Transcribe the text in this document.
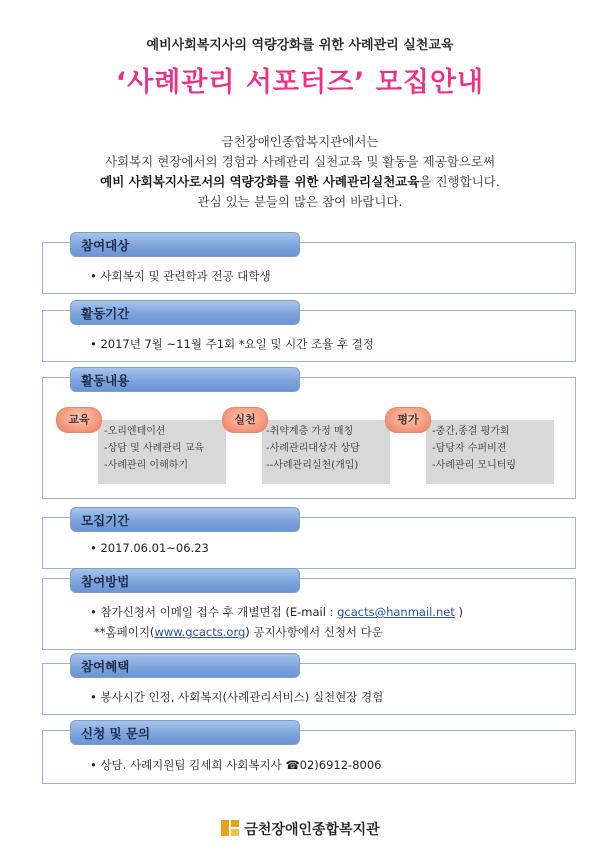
예비사회복지사의 역량강화를 위한 사례관리 실천교육
‘사례관리 서포터즈’ 모집안내
금천장애인종합복지관에서는
사회복지 현장에서의 경험과 사례관리 실천교육 및 활동을 제공함으로써
예비 사회복지사로서의 역량강화를 위한 사례관리실천교육을 진행합니다.
관심 있는 분들의 많은 참여 바랍니다.
참여대상
• 사회복지 및 관련학과 전공 대학생
활동기간
• 2017년 7월 ~11월 주1회 *요일 및 시간 조율 후 결정
활동내용
교육
-오리엔테이션
-상담 및 사례관리 교육
-사례관리 이해하기
실천
-취약계층 가정 매칭
-사례관리대상자 상담
--사례관리실천(개입)
평가
-중간,종결 평가회
-담당자 수퍼비젼
-사례관리 모니터링
모집기간
• 2017.06.01~06.23
참여방법
• 참가신청서 이메일 접수 후 개별면접 (E-mail : gcacts@hanmail.net )
**홈페이지(www.gcacts.org) 공지사항에서 신청서 다운
참여혜택
• 봉사시간 인정, 사회복지(사례관리서비스) 실천현장 경험
신청 및 문의
• 상담. 사례지원팀 김세희 사회복지사 ☎02)6912-8006
금천장애인종합복지관
